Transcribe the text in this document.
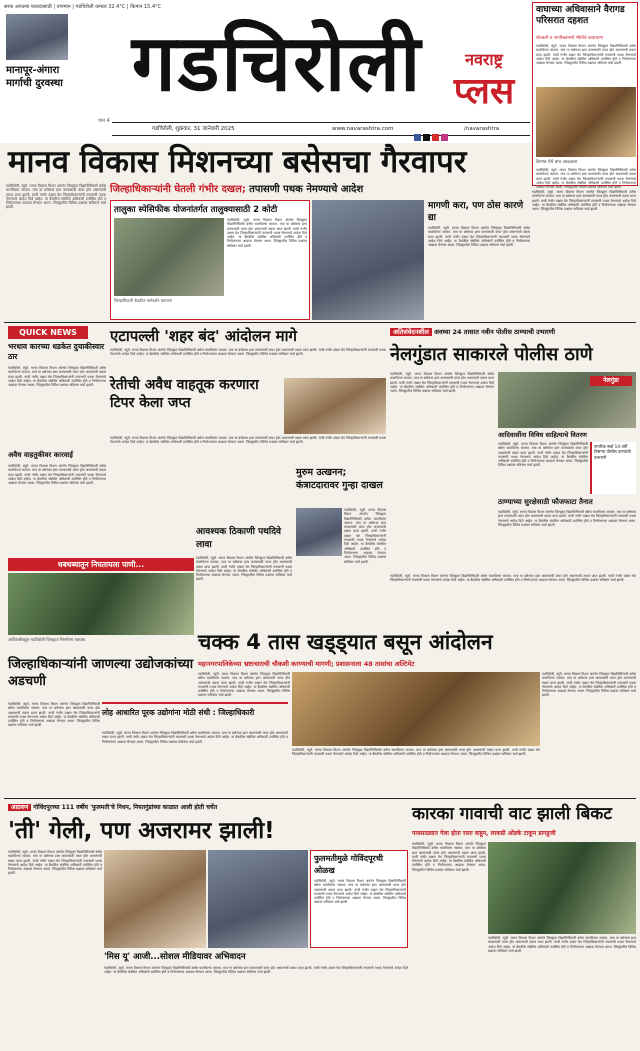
सरफ आपल्या फायदासाठी | तापमान | गडचिरोली कमाल 32.4°C | किमान 15.4°C
मानापूर-अंगारा मार्गाची दुरवस्था
पान 4
गडचिरोली	नवराष्ट्र
प्लस
गडचिरोली, शुक्रवार, 31 जानेवारी 2025	www.navarashtra.com	/navarashtra
वाघाच्या अधिवासाने वैरागड परिसरात दहशत
शेतकरी व नागरिकांमध्ये भीतीचे वातावरण
गडचिरोली, ब्यूरो. मानव विकास मिशन अंतर्गत जिल्ह्यात विद्यार्थिनींसाठी बसेस चालविल्या जातात. मात्र या बसेसचा इतर कामासाठी वापर होत असल्याची तक्रार प्राप्त झाली. याची गंभीर दखल घेत जिल्हाधिकाऱ्यांनी तपासणी पथक नेमण्याचे आदेश दिले आहेत. या बैठकीस संबंधित अधिकारी उपस्थित होते व नियोजनाचा आढावा घेण्यात आला. जिल्ह्यातील विविध प्रश्नांवर सविस्तर चर्चा झाली.
वैरागड येथे वाघ आढळला
गडचिरोली, ब्यूरो. मानव विकास मिशन अंतर्गत जिल्ह्यात विद्यार्थिनींसाठी बसेस चालविल्या जातात. मात्र या बसेसचा इतर कामासाठी वापर होत असल्याची तक्रार प्राप्त झाली. याची गंभीर दखल घेत जिल्हाधिकाऱ्यांनी तपासणी पथक नेमण्याचे आदेश दिले आहेत. या बैठकीस संबंधित अधिकारी उपस्थित होते व नियोजनाचा आढावा घेण्यात आला. जिल्ह्यातील विविध प्रश्नांवर सविस्तर चर्चा झाली.
मानव विकास मिशनच्या बसेसचा गैरवापर
जिल्हाधिकाऱ्यांनी घेतली गंभीर दखल; तपासणी पथक नेमण्याचे आदेश
गडचिरोली, ब्यूरो. मानव विकास मिशन अंतर्गत जिल्ह्यात विद्यार्थिनींसाठी बसेस चालविल्या जातात. मात्र या बसेसचा इतर कामासाठी वापर होत असल्याची तक्रार प्राप्त झाली. याची गंभीर दखल घेत जिल्हाधिकाऱ्यांनी तपासणी पथक नेमण्याचे आदेश दिले आहेत. या बैठकीस संबंधित अधिकारी उपस्थित होते व नियोजनाचा आढावा घेण्यात आला. जिल्ह्यातील विविध प्रश्नांवर सविस्तर चर्चा झाली.	तालुका स्पेसिफीक योजनांतर्गत तालुक्यासाठी 2 कोटी
गडचिरोली, ब्यूरो. मानव विकास मिशन अंतर्गत जिल्ह्यात विद्यार्थिनींसाठी बसेस चालविल्या जातात. मात्र या बसेसचा इतर कामासाठी वापर होत असल्याची तक्रार प्राप्त झाली. याची गंभीर दखल घेत जिल्हाधिकाऱ्यांनी तपासणी पथक नेमण्याचे आदेश दिले आहेत. या बैठकीस संबंधित अधिकारी उपस्थित होते व नियोजनाचा आढावा घेण्यात आला. जिल्ह्यातील विविध प्रश्नांवर सविस्तर चर्चा झाली.
जिल्हाधिकारी बैठकीत मार्गदर्शन करताना
मागणी करा, पण ठोस कारणे द्या
गडचिरोली, ब्यूरो. मानव विकास मिशन अंतर्गत जिल्ह्यात विद्यार्थिनींसाठी बसेस चालविल्या जातात. मात्र या बसेसचा इतर कामासाठी वापर होत असल्याची तक्रार प्राप्त झाली. याची गंभीर दखल घेत जिल्हाधिकाऱ्यांनी तपासणी पथक नेमण्याचे आदेश दिले आहेत. या बैठकीस संबंधित अधिकारी उपस्थित होते व नियोजनाचा आढावा घेण्यात आला. जिल्ह्यातील विविध प्रश्नांवर सविस्तर चर्चा झाली.
गडचिरोली, ब्यूरो. मानव विकास मिशन अंतर्गत जिल्ह्यात विद्यार्थिनींसाठी बसेस चालविल्या जातात. मात्र या बसेसचा इतर कामासाठी वापर होत असल्याची तक्रार प्राप्त झाली. याची गंभीर दखल घेत जिल्हाधिकाऱ्यांनी तपासणी पथक नेमण्याचे आदेश दिले आहेत. या बैठकीस संबंधित अधिकारी उपस्थित होते व नियोजनाचा आढावा घेण्यात आला. जिल्ह्यातील विविध प्रश्नांवर सविस्तर चर्चा झाली.
QUICK NEWS
भरधाव कारच्या धडकेत दुचाकीस्वार ठार
गडचिरोली, ब्यूरो. मानव विकास मिशन अंतर्गत जिल्ह्यात विद्यार्थिनींसाठी बसेस चालविल्या जातात. मात्र या बसेसचा इतर कामासाठी वापर होत असल्याची तक्रार प्राप्त झाली. याची गंभीर दखल घेत जिल्हाधिकाऱ्यांनी तपासणी पथक नेमण्याचे आदेश दिले आहेत. या बैठकीस संबंधित अधिकारी उपस्थित होते व नियोजनाचा आढावा घेण्यात आला. जिल्ह्यातील विविध प्रश्नांवर सविस्तर चर्चा झाली.
अवैध वाहतुकीवर कारवाई
गडचिरोली, ब्यूरो. मानव विकास मिशन अंतर्गत जिल्ह्यात विद्यार्थिनींसाठी बसेस चालविल्या जातात. मात्र या बसेसचा इतर कामासाठी वापर होत असल्याची तक्रार प्राप्त झाली. याची गंभीर दखल घेत जिल्हाधिकाऱ्यांनी तपासणी पथक नेमण्याचे आदेश दिले आहेत. या बैठकीस संबंधित अधिकारी उपस्थित होते व नियोजनाचा आढावा घेण्यात आला. जिल्ह्यातील विविध प्रश्नांवर सविस्तर चर्चा झाली.
एटापल्ली 'शहर बंद' आंदोलन मागे
गडचिरोली, ब्यूरो. मानव विकास मिशन अंतर्गत जिल्ह्यात विद्यार्थिनींसाठी बसेस चालविल्या जातात. मात्र या बसेसचा इतर कामासाठी वापर होत असल्याची तक्रार प्राप्त झाली. याची गंभीर दखल घेत जिल्हाधिकाऱ्यांनी तपासणी पथक नेमण्याचे आदेश दिले आहेत. या बैठकीस संबंधित अधिकारी उपस्थित होते व नियोजनाचा आढावा घेण्यात आला. जिल्ह्यातील विविध प्रश्नांवर सविस्तर चर्चा झाली.
रेतीची अवैध वाहतूक करणारा टिपर केला जप्त
गडचिरोली, ब्यूरो. मानव विकास मिशन अंतर्गत जिल्ह्यात विद्यार्थिनींसाठी बसेस चालविल्या जातात. मात्र या बसेसचा इतर कामासाठी वापर होत असल्याची तक्रार प्राप्त झाली. याची गंभीर दखल घेत जिल्हाधिकाऱ्यांनी तपासणी पथक नेमण्याचे आदेश दिले आहेत. या बैठकीस संबंधित अधिकारी उपस्थित होते व नियोजनाचा आढावा घेण्यात आला. जिल्ह्यातील विविध प्रश्नांवर सविस्तर चर्चा झाली.
मुरुम उत्खनन; कंत्राटदारावर गुन्हा दाखल
गडचिरोली, ब्यूरो. मानव विकास मिशन अंतर्गत जिल्ह्यात विद्यार्थिनींसाठी बसेस चालविल्या जातात. मात्र या बसेसचा इतर कामासाठी वापर होत असल्याची तक्रार प्राप्त झाली. याची गंभीर दखल घेत जिल्हाधिकाऱ्यांनी तपासणी पथक नेमण्याचे आदेश दिले आहेत. या बैठकीस संबंधित अधिकारी उपस्थित होते व नियोजनाचा आढावा घेण्यात आला. जिल्ह्यातील विविध प्रश्नांवर सविस्तर चर्चा झाली.
आवश्यक ठिकाणी पथदिवे लावा
गडचिरोली, ब्यूरो. मानव विकास मिशन अंतर्गत जिल्ह्यात विद्यार्थिनींसाठी बसेस चालविल्या जातात. मात्र या बसेसचा इतर कामासाठी वापर होत असल्याची तक्रार प्राप्त झाली. याची गंभीर दखल घेत जिल्हाधिकाऱ्यांनी तपासणी पथक नेमण्याचे आदेश दिले आहेत. या बैठकीस संबंधित अधिकारी उपस्थित होते व नियोजनाचा आढावा घेण्यात आला. जिल्ह्यातील विविध प्रश्नांवर सविस्तर चर्चा झाली.
धबधब्यातून निघतायला पाणी...
आदिवासीबहुल गडचिरोली जिल्ह्यात निसर्गरम्य धबधबा
अतिसंवेदनशील अवघ्या 24 तासात नवीन पोलीस ठाण्याची उभारणी
नेलगुंडात साकारले पोलीस ठाणे
गडचिरोली, ब्यूरो. मानव विकास मिशन अंतर्गत जिल्ह्यात विद्यार्थिनींसाठी बसेस चालविल्या जातात. मात्र या बसेसचा इतर कामासाठी वापर होत असल्याची तक्रार प्राप्त झाली. याची गंभीर दखल घेत जिल्हाधिकाऱ्यांनी तपासणी पथक नेमण्याचे आदेश दिले आहेत. या बैठकीस संबंधित अधिकारी उपस्थित होते व नियोजनाचा आढावा घेण्यात आला. जिल्ह्यातील विविध प्रश्नांवर सविस्तर चर्चा झाली.
नेलगुंडा
आदिवासींना विविध साहित्याचे वितरण
गडचिरोली, ब्यूरो. मानव विकास मिशन अंतर्गत जिल्ह्यात विद्यार्थिनींसाठी बसेस चालविल्या जातात. मात्र या बसेसचा इतर कामासाठी वापर होत असल्याची तक्रार प्राप्त झाली. याची गंभीर दखल घेत जिल्हाधिकाऱ्यांनी तपासणी पथक नेमण्याचे आदेश दिले आहेत. या बैठकीस संबंधित अधिकारी उपस्थित होते व नियोजनाचा आढावा घेण्यात आला. जिल्ह्यातील विविध प्रश्नांवर सविस्तर चर्चा झाली.
नागरिक सर्वा 14 वर्षी तिसऱ्या पोलीस ठाण्याची उभारणी
ठाण्याच्या सुरक्षेसाठी फौजफाटा तैनात
गडचिरोली, ब्यूरो. मानव विकास मिशन अंतर्गत जिल्ह्यात विद्यार्थिनींसाठी बसेस चालविल्या जातात. मात्र या बसेसचा इतर कामासाठी वापर होत असल्याची तक्रार प्राप्त झाली. याची गंभीर दखल घेत जिल्हाधिकाऱ्यांनी तपासणी पथक नेमण्याचे आदेश दिले आहेत. या बैठकीस संबंधित अधिकारी उपस्थित होते व नियोजनाचा आढावा घेण्यात आला. जिल्ह्यातील विविध प्रश्नांवर सविस्तर चर्चा झाली.
गडचिरोली, ब्यूरो. मानव विकास मिशन अंतर्गत जिल्ह्यात विद्यार्थिनींसाठी बसेस चालविल्या जातात. मात्र या बसेसचा इतर कामासाठी वापर होत असल्याची तक्रार प्राप्त झाली. याची गंभीर दखल घेत जिल्हाधिकाऱ्यांनी तपासणी पथक नेमण्याचे आदेश दिले आहेत. या बैठकीस संबंधित अधिकारी उपस्थित होते व नियोजनाचा आढावा घेण्यात आला. जिल्ह्यातील विविध प्रश्नांवर सविस्तर चर्चा झाली.
चक्क 4 तास खड्ड्यात बसून आंदोलन
महानगरपालिकेच्या भ्रष्टाचाराची चौकशी करण्याची मागणी; प्रशासनाला 48 तासांचा अल्टिमेट
गडचिरोली, ब्यूरो. मानव विकास मिशन अंतर्गत जिल्ह्यात विद्यार्थिनींसाठी बसेस चालविल्या जातात. मात्र या बसेसचा इतर कामासाठी वापर होत असल्याची तक्रार प्राप्त झाली. याची गंभीर दखल घेत जिल्हाधिकाऱ्यांनी तपासणी पथक नेमण्याचे आदेश दिले आहेत. या बैठकीस संबंधित अधिकारी उपस्थित होते व नियोजनाचा आढावा घेण्यात आला. जिल्ह्यातील विविध प्रश्नांवर सविस्तर चर्चा झाली.
गडचिरोली, ब्यूरो. मानव विकास मिशन अंतर्गत जिल्ह्यात विद्यार्थिनींसाठी बसेस चालविल्या जातात. मात्र या बसेसचा इतर कामासाठी वापर होत असल्याची तक्रार प्राप्त झाली. याची गंभीर दखल घेत जिल्हाधिकाऱ्यांनी तपासणी पथक नेमण्याचे आदेश दिले आहेत. या बैठकीस संबंधित अधिकारी उपस्थित होते व नियोजनाचा आढावा घेण्यात आला. जिल्ह्यातील विविध प्रश्नांवर सविस्तर चर्चा झाली.
गडचिरोली, ब्यूरो. मानव विकास मिशन अंतर्गत जिल्ह्यात विद्यार्थिनींसाठी बसेस चालविल्या जातात. मात्र या बसेसचा इतर कामासाठी वापर होत असल्याची तक्रार प्राप्त झाली. याची गंभीर दखल घेत जिल्हाधिकाऱ्यांनी तपासणी पथक नेमण्याचे आदेश दिले आहेत. या बैठकीस संबंधित अधिकारी उपस्थित होते व नियोजनाचा आढावा घेण्यात आला. जिल्ह्यातील विविध प्रश्नांवर सविस्तर चर्चा झाली.
जिल्हाधिकाऱ्यांनी जाणल्या उद्योजकांच्या अडचणी
गडचिरोली, ब्यूरो. मानव विकास मिशन अंतर्गत जिल्ह्यात विद्यार्थिनींसाठी बसेस चालविल्या जातात. मात्र या बसेसचा इतर कामासाठी वापर होत असल्याची तक्रार प्राप्त झाली. याची गंभीर दखल घेत जिल्हाधिकाऱ्यांनी तपासणी पथक नेमण्याचे आदेश दिले आहेत. या बैठकीस संबंधित अधिकारी उपस्थित होते व नियोजनाचा आढावा घेण्यात आला. जिल्ह्यातील विविध प्रश्नांवर सविस्तर चर्चा झाली.
लोह आधारित पूरक उद्योगांना मोठी संधी : जिल्हाधिकारी
गडचिरोली, ब्यूरो. मानव विकास मिशन अंतर्गत जिल्ह्यात विद्यार्थिनींसाठी बसेस चालविल्या जातात. मात्र या बसेसचा इतर कामासाठी वापर होत असल्याची तक्रार प्राप्त झाली. याची गंभीर दखल घेत जिल्हाधिकाऱ्यांनी तपासणी पथक नेमण्याचे आदेश दिले आहेत. या बैठकीस संबंधित अधिकारी उपस्थित होते व नियोजनाचा आढावा घेण्यात आला. जिल्ह्यातील विविध प्रश्नांवर सविस्तर चर्चा झाली.
आठवण गोविंदपूरच्या 111 वर्षीय 'फुलमती'चे निधन, नियतगुंडांच्या काळात आली होती चर्चेत
'ती' गेली, पण अजरामर झाली!
गडचिरोली, ब्यूरो. मानव विकास मिशन अंतर्गत जिल्ह्यात विद्यार्थिनींसाठी बसेस चालविल्या जातात. मात्र या बसेसचा इतर कामासाठी वापर होत असल्याची तक्रार प्राप्त झाली. याची गंभीर दखल घेत जिल्हाधिकाऱ्यांनी तपासणी पथक नेमण्याचे आदेश दिले आहेत. या बैठकीस संबंधित अधिकारी उपस्थित होते व नियोजनाचा आढावा घेण्यात आला. जिल्ह्यातील विविध प्रश्नांवर सविस्तर चर्चा झाली.
फुलमतीमुळे गोविंदपूरची ओळख
गडचिरोली, ब्यूरो. मानव विकास मिशन अंतर्गत जिल्ह्यात विद्यार्थिनींसाठी बसेस चालविल्या जातात. मात्र या बसेसचा इतर कामासाठी वापर होत असल्याची तक्रार प्राप्त झाली. याची गंभीर दखल घेत जिल्हाधिकाऱ्यांनी तपासणी पथक नेमण्याचे आदेश दिले आहेत. या बैठकीस संबंधित अधिकारी उपस्थित होते व नियोजनाचा आढावा घेण्यात आला. जिल्ह्यातील विविध प्रश्नांवर सविस्तर चर्चा झाली.
'मिस यू' आजी...सोशल मीडियावर अभिवादन
गडचिरोली, ब्यूरो. मानव विकास मिशन अंतर्गत जिल्ह्यात विद्यार्थिनींसाठी बसेस चालविल्या जातात. मात्र या बसेसचा इतर कामासाठी वापर होत असल्याची तक्रार प्राप्त झाली. याची गंभीर दखल घेत जिल्हाधिकाऱ्यांनी तपासणी पथक नेमण्याचे आदेश दिले आहेत. या बैठकीस संबंधित अधिकारी उपस्थित होते व नियोजनाचा आढावा घेण्यात आला. जिल्ह्यातील विविध प्रश्नांवर सविस्तर चर्चा झाली.
कारका गावाची वाट झाली बिकट
पावसाळ्यात गेला होता रस्ता वाहून, लाकडी ओंडके टाकून डागडुजी
गडचिरोली, ब्यूरो. मानव विकास मिशन अंतर्गत जिल्ह्यात विद्यार्थिनींसाठी बसेस चालविल्या जातात. मात्र या बसेसचा इतर कामासाठी वापर होत असल्याची तक्रार प्राप्त झाली. याची गंभीर दखल घेत जिल्हाधिकाऱ्यांनी तपासणी पथक नेमण्याचे आदेश दिले आहेत. या बैठकीस संबंधित अधिकारी उपस्थित होते व नियोजनाचा आढावा घेण्यात आला. जिल्ह्यातील विविध प्रश्नांवर सविस्तर चर्चा झाली.
गडचिरोली, ब्यूरो. मानव विकास मिशन अंतर्गत जिल्ह्यात विद्यार्थिनींसाठी बसेस चालविल्या जातात. मात्र या बसेसचा इतर कामासाठी वापर होत असल्याची तक्रार प्राप्त झाली. याची गंभीर दखल घेत जिल्हाधिकाऱ्यांनी तपासणी पथक नेमण्याचे आदेश दिले आहेत. या बैठकीस संबंधित अधिकारी उपस्थित होते व नियोजनाचा आढावा घेण्यात आला. जिल्ह्यातील विविध प्रश्नांवर सविस्तर चर्चा झाली.
